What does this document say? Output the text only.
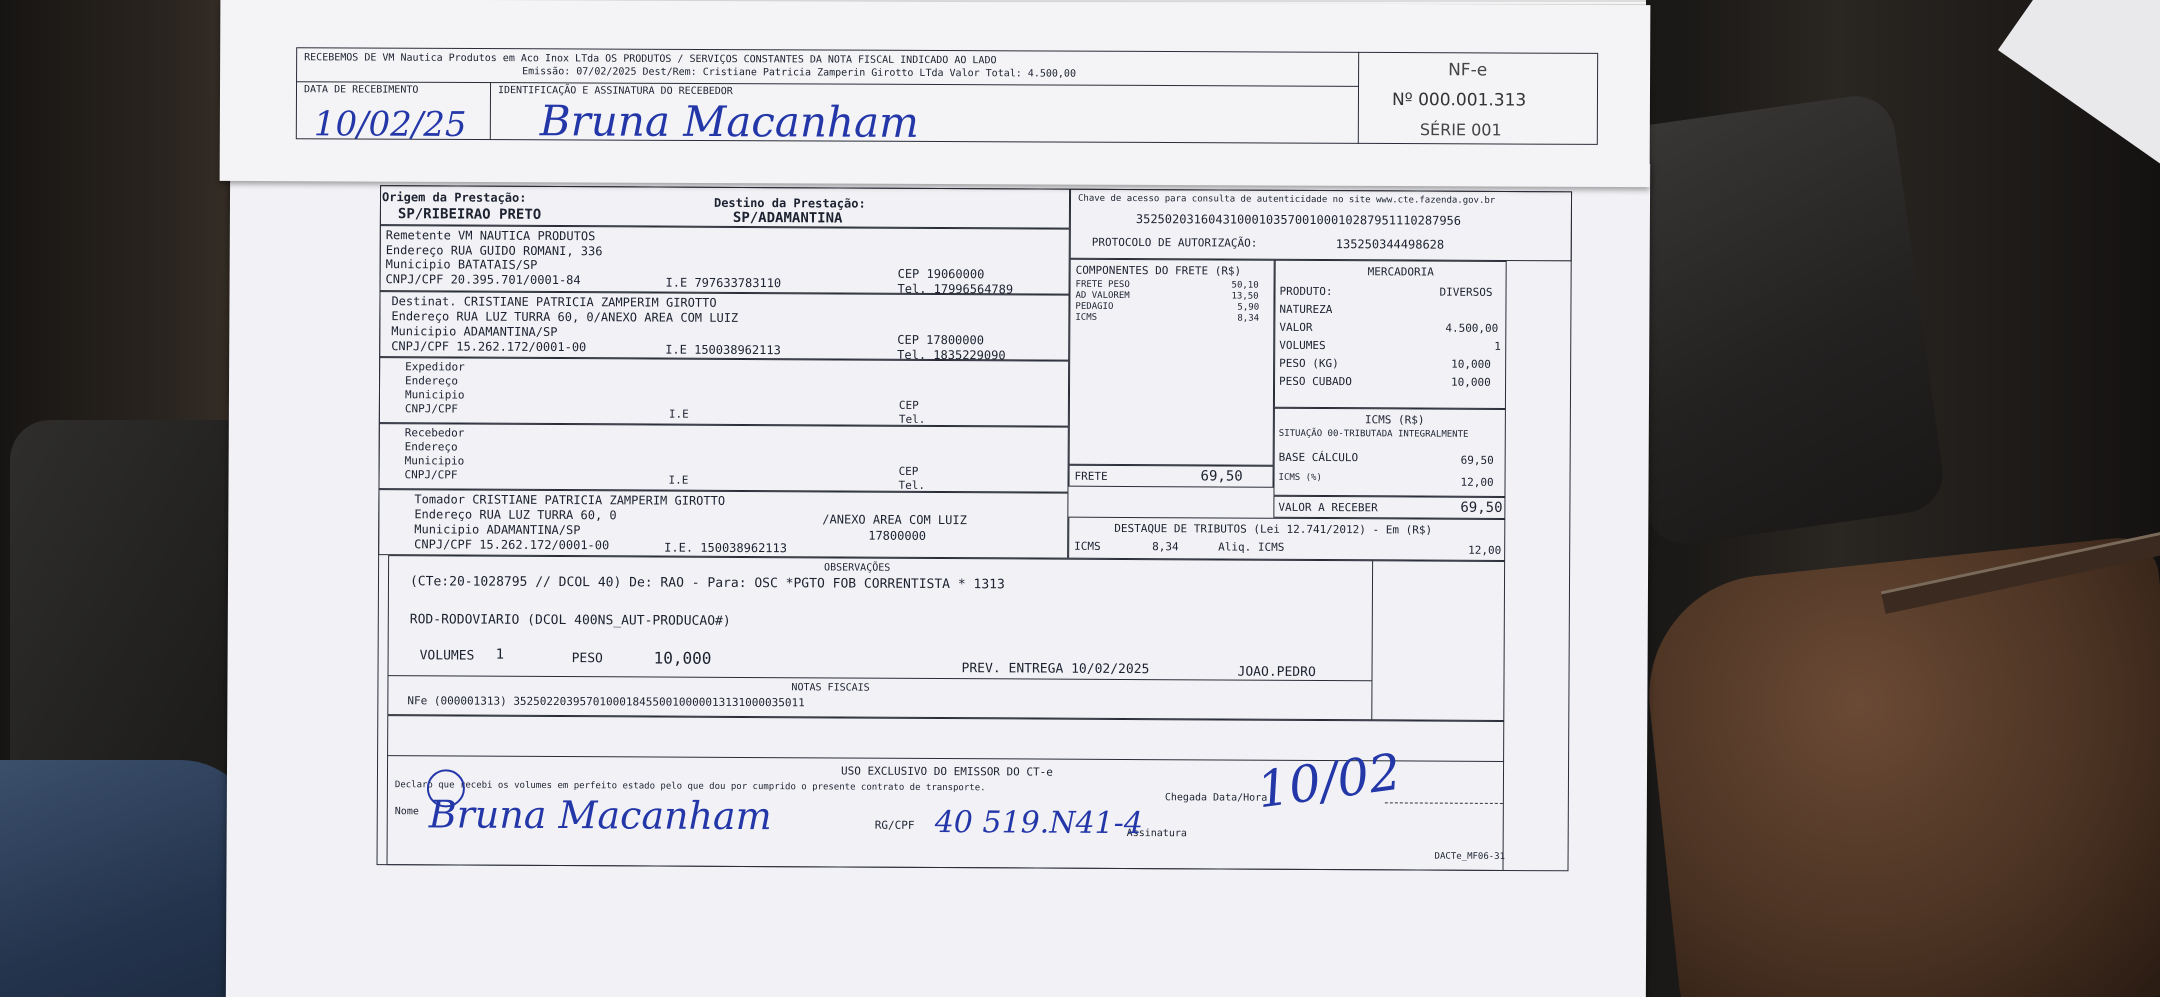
Chave de acesso para consulta de autenticidade no site www.cte.fazenda.gov.br
35250203160431000103570010001028795111028795​6
PROTOCOLO DE AUTORIZAÇÃO:	135250344498628
Origem da Prestação:
SP/RIBEIRAO PRETO
Destino da Prestação:
SP/ADAMANTINA
Remetente VM NAUTICA PRODUTOS
Endereço RUA GUIDO ROMANI, 336
Municipio BATATAIS/SP
CNPJ/CPF 20.395.701/0001-84	I.E 797633783110
CEP 19060000
Tel. 17996564789
Destinat. CRISTIANE PATRICIA ZAMPERIM GIROTTO
Endereço RUA LUZ TURRA 60, 0/ANEXO AREA COM LUIZ
Municipio ADAMANTINA/SP
CNPJ/CPF 15.262.172/0001-00	I.E 150038962113
CEP 17800000
Tel. 1835229090
Expedidor
Endereço
Municipio
CNPJ/CPF	I.E
CEP
Tel.
Recebedor
Endereço
Municipio
CNPJ/CPF	I.E
CEP
Tel.
Tomador CRISTIANE PATRICIA ZAMPERIM GIROTTO
Endereço RUA LUZ TURRA 60, 0	/ANEXO AREA COM LUIZ
Municipio ADAMANTINA/SP	17800000
CNPJ/CPF 15.262.172/0001-00	I.E. 150038962113
COMPONENTES DO FRETE (R$)
FRETE PESO	50,10
AD VALOREM	13,50
PEDAGIO	5,90
ICMS	8,34
MERCADORIA
PRODUTO:	DIVERSOS
NATUREZA
VALOR	4.500,00
VOLUMES	1
PESO (KG)	10,000
PESO CUBADO	10,000
ICMS (R$)
SITUAÇÃO 00-TRIBUTADA INTEGRALMENTE
BASE CÁLCULO	69,50
ICMS (%)	12,00
FRETE	69,50
VALOR A RECEBER	69,50
DESTAQUE DE TRIBUTOS (Lei 12.741/2012) - Em (R$)
ICMS	8,34	Aliq. ICMS	12,00
OBSERVAÇÕES
(CTe:20-1028795 // DCOL 40) De: RAO - Para: OSC *PGTO FOB CORRENTISTA * 1313
ROD-RODOVIARIO (DCOL 400NS_AUT-PRODUCAO#)
VOLUMES 1	PESO	10,000
PREV. ENTREGA 10/02/2025	JOAO.PEDRO
NOTAS FISCAIS
NFe (000001313) 35250220395701000184550010000013131000035011
USO EXCLUSIVO DO EMISSOR DO CT-e
Declaro que recebi os volumes em perfeito estado pelo que dou por cumprido o presente contrato de transporte.
Chegada Data/Hora
Nome
RG/CPF
Assinatura
DACTe_MF06-31
Bruna Macanham	40 519.N41-4
10/02
RECEBEMOS DE VM Nautica Produtos em Aco Inox LTda OS PRODUTOS / SERVIÇOS CONSTANTES DA NOTA FISCAL INDICADO AO LADO
Emissão: 07/02/2025 Dest/Rem: Cristiane Patricia Zamperin Girotto LTda Valor Total: 4.500,00
DATA DE RECEBIMENTO	IDENTIFICAÇÃO E ASSINATURA DO RECEBEDOR
NF-e
Nº 000.001.313
SÉRIE 001
10/02/25 Bruna Macanham
